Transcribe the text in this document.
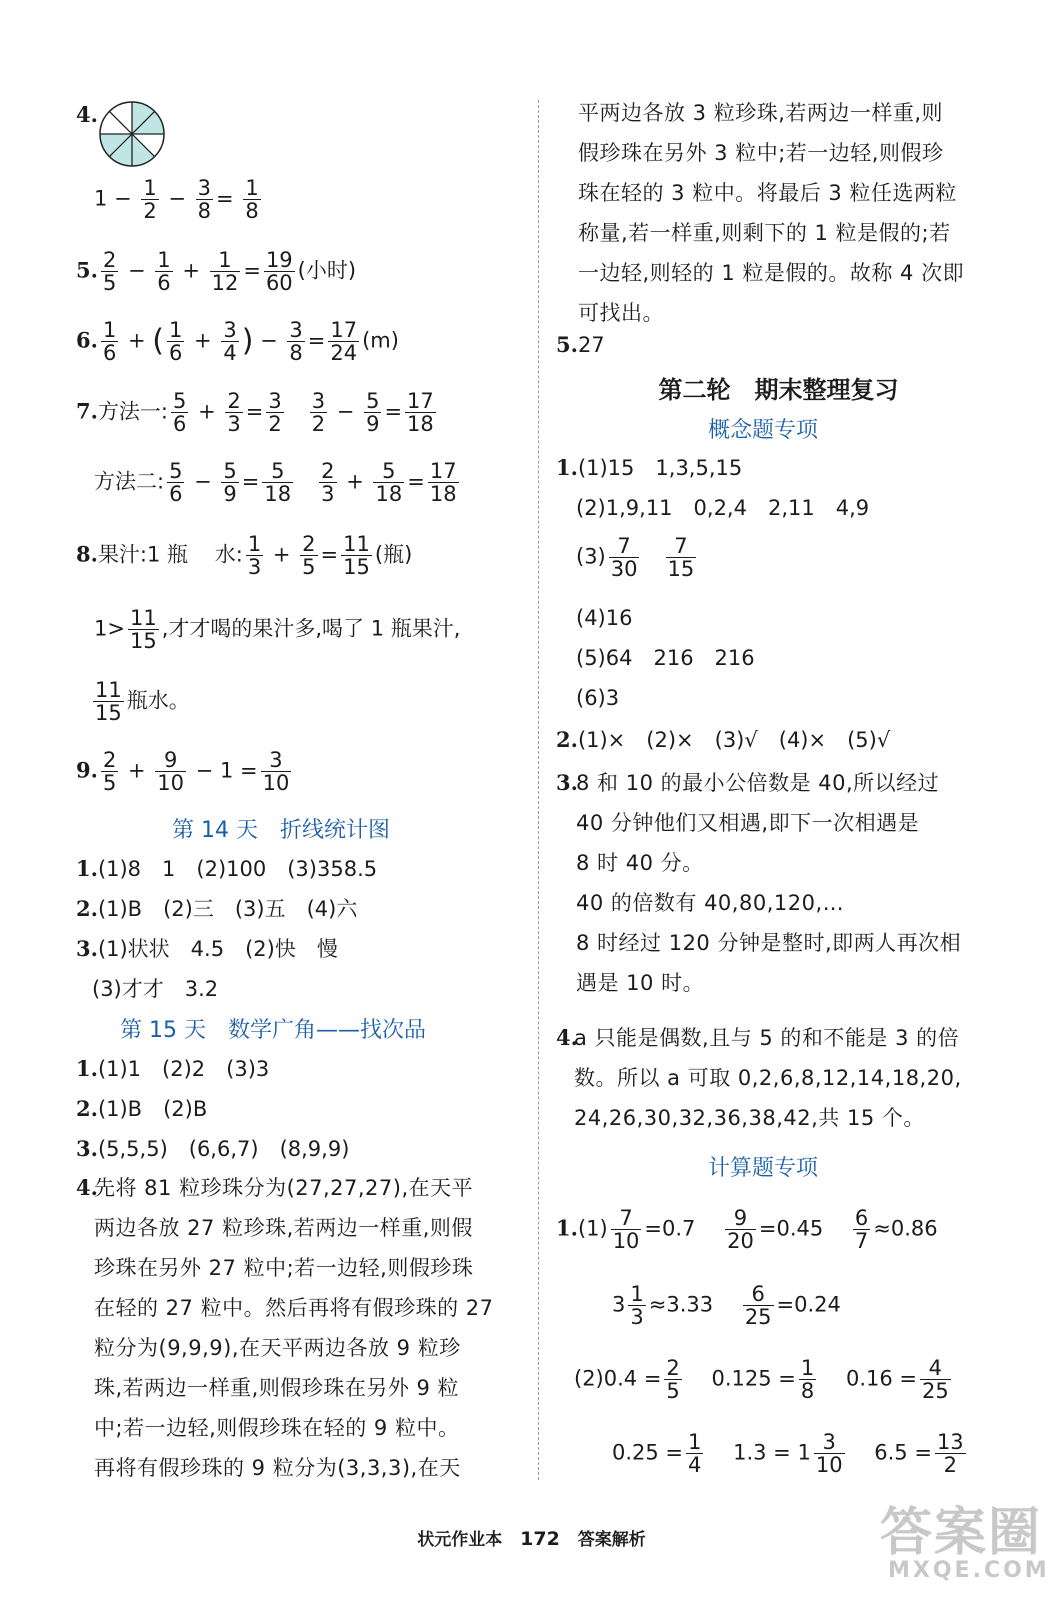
4.
$1 - \frac{1}{2} - \frac{3}{8} = \frac{1}{8}$
5. $\frac{2}{5} - \frac{1}{6} + \frac{1}{12} = \frac{19}{60}$ (小时)
6. $\frac{1}{6}$ + ( $\frac{1}{6} + \frac{3}{4}$ ) − $\frac{3}{8} = \frac{17}{24} (m)$
7.方法一: $\frac{5}{6} + \frac{2}{3} = \frac{3}{2}$
$\frac{3}{2} - \frac{5}{9} = \frac{17}{18}$
方法二: $\frac{5}{6} - \frac{5}{9} = \frac{5}{18}$
$\frac{2}{3} + \frac{5}{18} = \frac{17}{18}$
8.果汁:1 瓶 水: $\frac{1}{3} + \frac{2}{5} = \frac{11}{15}$ (瓶)
$1> \frac{11}{15}$ ,才才喝的果汁多,喝了 1 瓶果汁,
$\frac{11}{15}$ 瓶水。
9. $\frac{2}{5} + \frac{9}{10} - 1 = \frac{3}{10}$
第 14 天　折线统计图
1.(1)8　1　(2)100　(3)358.5
2.(1)B　(2)三　(3)五　(4)六
3.(1)状状　4.5　(2)快　慢
(3)才才　3.2
第 15 天　数学广角——找次品
1.(1)1　(2)2　(3)3
2.(1)B　(2)B
3.(5,5,5)　(6,6,7)　(8,9,9)
4.
先将 81 粒珍珠分为(27,27,27),在天平
两边各放 27 粒珍珠,若两边一样重,则假
珍珠在另外 27 粒中;若一边轻,则假珍珠
在轻的 27 粒中。然后再将有假珍珠的 27
粒分为(9,9,9),在天平两边各放 9 粒珍
珠,若两边一样重,则假珍珠在另外 9 粒
中;若一边轻,则假珍珠在轻的 9 粒中。
再将有假珍珠的 9 粒分为(3,3,3),在天
平两边各放 3 粒珍珠,若两边一样重,则
假珍珠在另外 3 粒中;若一边轻,则假珍
珠在轻的 3 粒中。将最后 3 粒任选两粒
称量,若一样重,则剩下的 1 粒是假的;若
一边轻,则轻的 1 粒是假的。故称 4 次即
可找出。
5.27
第二轮　期末整理复习
概念题专项
1.(1)15　1,3,5,15
(2)1,9,11　0,2,4　2,11　4,9
$(3) \frac{7}{30}$
$\frac{7}{15}$
(4)16
(5)64　216　216
(6)3
2.(1)×　(2)×　(3)√　(4)×　(5)√
3.
8 和 10 的最小公倍数是 40,所以经过
40 分钟他们又相遇,即下一次相遇是
8 时 40 分。
40 的倍数有 40,80,120,…
8 时经过 120 分钟是整时,即两人再次相
遇是 10 时。
4.
a 只能是偶数,且与 5 的和不能是 3 的倍
数。所以 a 可取 0,2,6,8,12,14,18,20,
24,26,30,32,36,38,42,共 15 个。
计算题专项
$1.(1) \frac{7}{10} =0.7 \frac{9}{20} =0.45 \frac{6}{7} \approx 0.86$
$3 \frac{1}{3} \approx 3.33 \frac{6}{25} =0.24$
$(2)0.4 = \frac{2}{5} 0.125 = \frac{1}{8} 0.16 = \frac{4}{25}$
$0.25 = \frac{1}{4} 1.3 = 1 \frac{3}{10} 6.5 = \frac{13}{2}$
状元作业本 172 答案解析	答案圈
MXQE.COM
